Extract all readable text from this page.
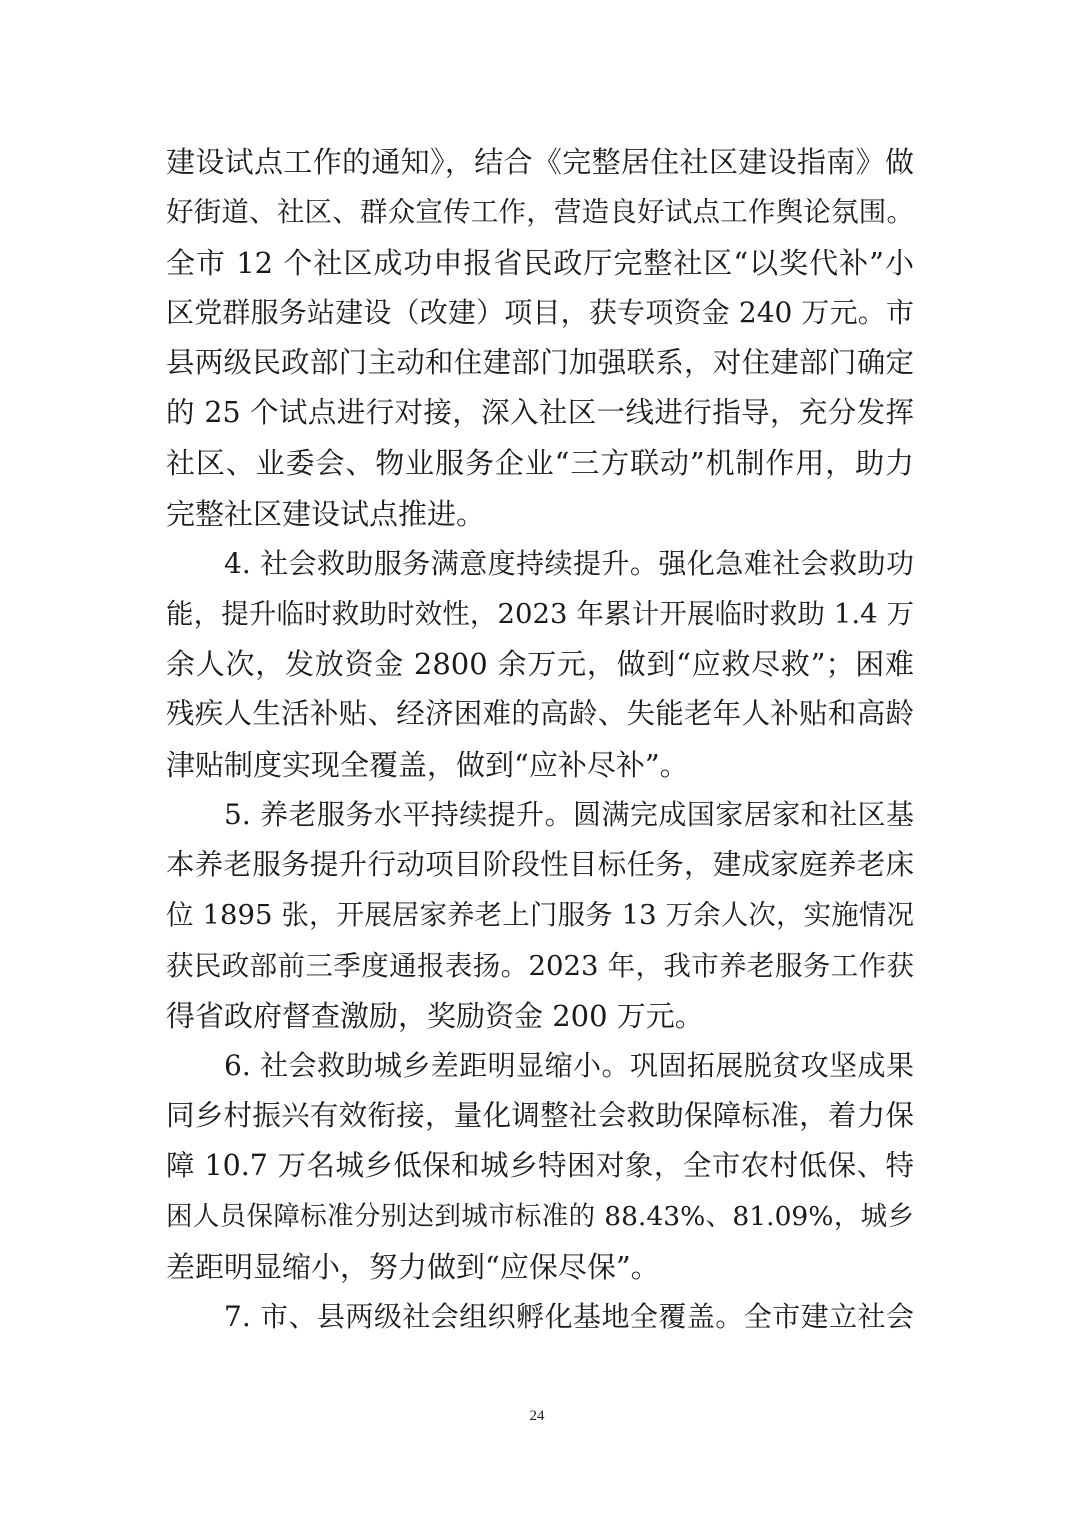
建设试点工作的通知》，结合《完整居住社区建设指南》做
好街道、社区、群众宣传工作，营造良好试点工作舆论氛围。
全市 12 个社区成功申报省民政厅完整社区“以奖代补”小
区党群服务站建设（改建）项目，获专项资金 240 万元。市
县两级民政部门主动和住建部门加强联系，对住建部门确定
的 25 个试点进行对接，深入社区一线进行指导，充分发挥
社区、业委会、物业服务企业“三方联动”机制作用，助力
完整社区建设试点推进。
4. 社会救助服务满意度持续提升。强化急难社会救助功
能，提升临时救助时效性，2023 年累计开展临时救助 1.4 万
余人次，发放资金 2800 余万元，做到“应救尽救”；困难
残疾人生活补贴、经济困难的高龄、失能老年人补贴和高龄
津贴制度实现全覆盖，做到“应补尽补”。
5. 养老服务水平持续提升。圆满完成国家居家和社区基
本养老服务提升行动项目阶段性目标任务，建成家庭养老床
位 1895 张，开展居家养老上门服务 13 万余人次，实施情况
获民政部前三季度通报表扬。2023 年，我市养老服务工作获
得省政府督查激励，奖励资金 200 万元。
6. 社会救助城乡差距明显缩小。巩固拓展脱贫攻坚成果
同乡村振兴有效衔接，量化调整社会救助保障标准，着力保
障 10.7 万名城乡低保和城乡特困对象，全市农村低保、特
困人员保障标准分别达到城市标准的 88.43%、81.09%，城乡
差距明显缩小，努力做到“应保尽保”。
7. 市、县两级社会组织孵化基地全覆盖。全市建立社会
24
